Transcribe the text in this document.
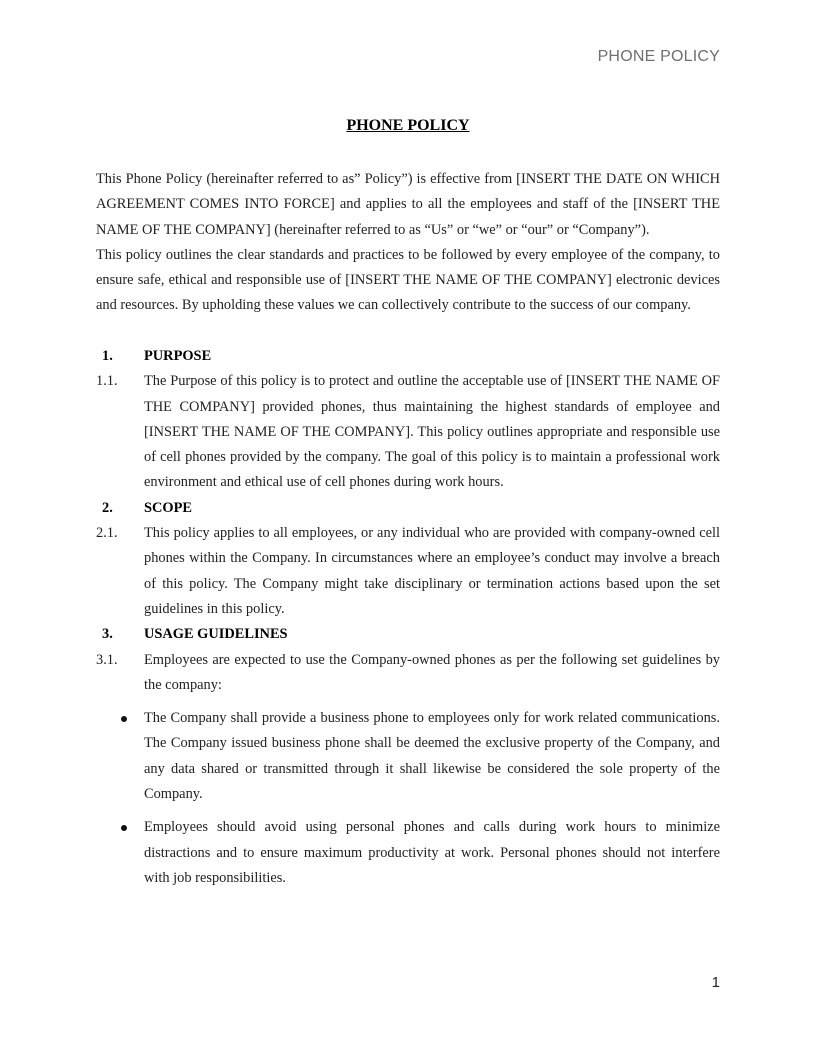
PHONE POLICY
PHONE POLICY

This Phone Policy (hereinafter referred to as” Policy”) is effective from [INSERT THE DATE ON WHICH AGREEMENT COMES INTO FORCE] and applies to all the employees and staff of the [INSERT THE NAME OF THE COMPANY] (hereinafter referred to as “Us” or “we” or “our” or “Company”).

This policy outlines the clear standards and practices to be followed by every employee of the company, to ensure safe, ethical and responsible use of [INSERT THE NAME OF THE COMPANY] electronic devices and resources. By upholding these values we can collectively contribute to the success of our company.

1.	PURPOSE
1.1.	The Purpose of this policy is to protect and outline the acceptable use of [INSERT THE NAME OF THE COMPANY] provided phones, thus maintaining the highest standards of employee and [INSERT THE NAME OF THE COMPANY]. This policy outlines appropriate and responsible use of cell phones provided by the company. The goal of this policy is to maintain a professional work environment and ethical use of cell phones during work hours.
2.	SCOPE
2.1.	This policy applies to all employees, or any individual who are provided with company-owned cell phones within the Company. In circumstances where an employee’s conduct may involve a breach of this policy. The Company might take disciplinary or termination actions based upon the set guidelines in this policy.
3.	USAGE GUIDELINES
3.1.	Employees are expected to use the Company-owned phones as per the following set guidelines by the company:
The Company shall provide a business phone to employees only for work related communications. The Company issued business phone shall be deemed the exclusive property of the Company, and any data shared or transmitted through it shall likewise be considered the sole property of the Company.
Employees should avoid using personal phones and calls during work hours to minimize distractions and to ensure maximum productivity at work. Personal phones should not interfere with job responsibilities.
1
